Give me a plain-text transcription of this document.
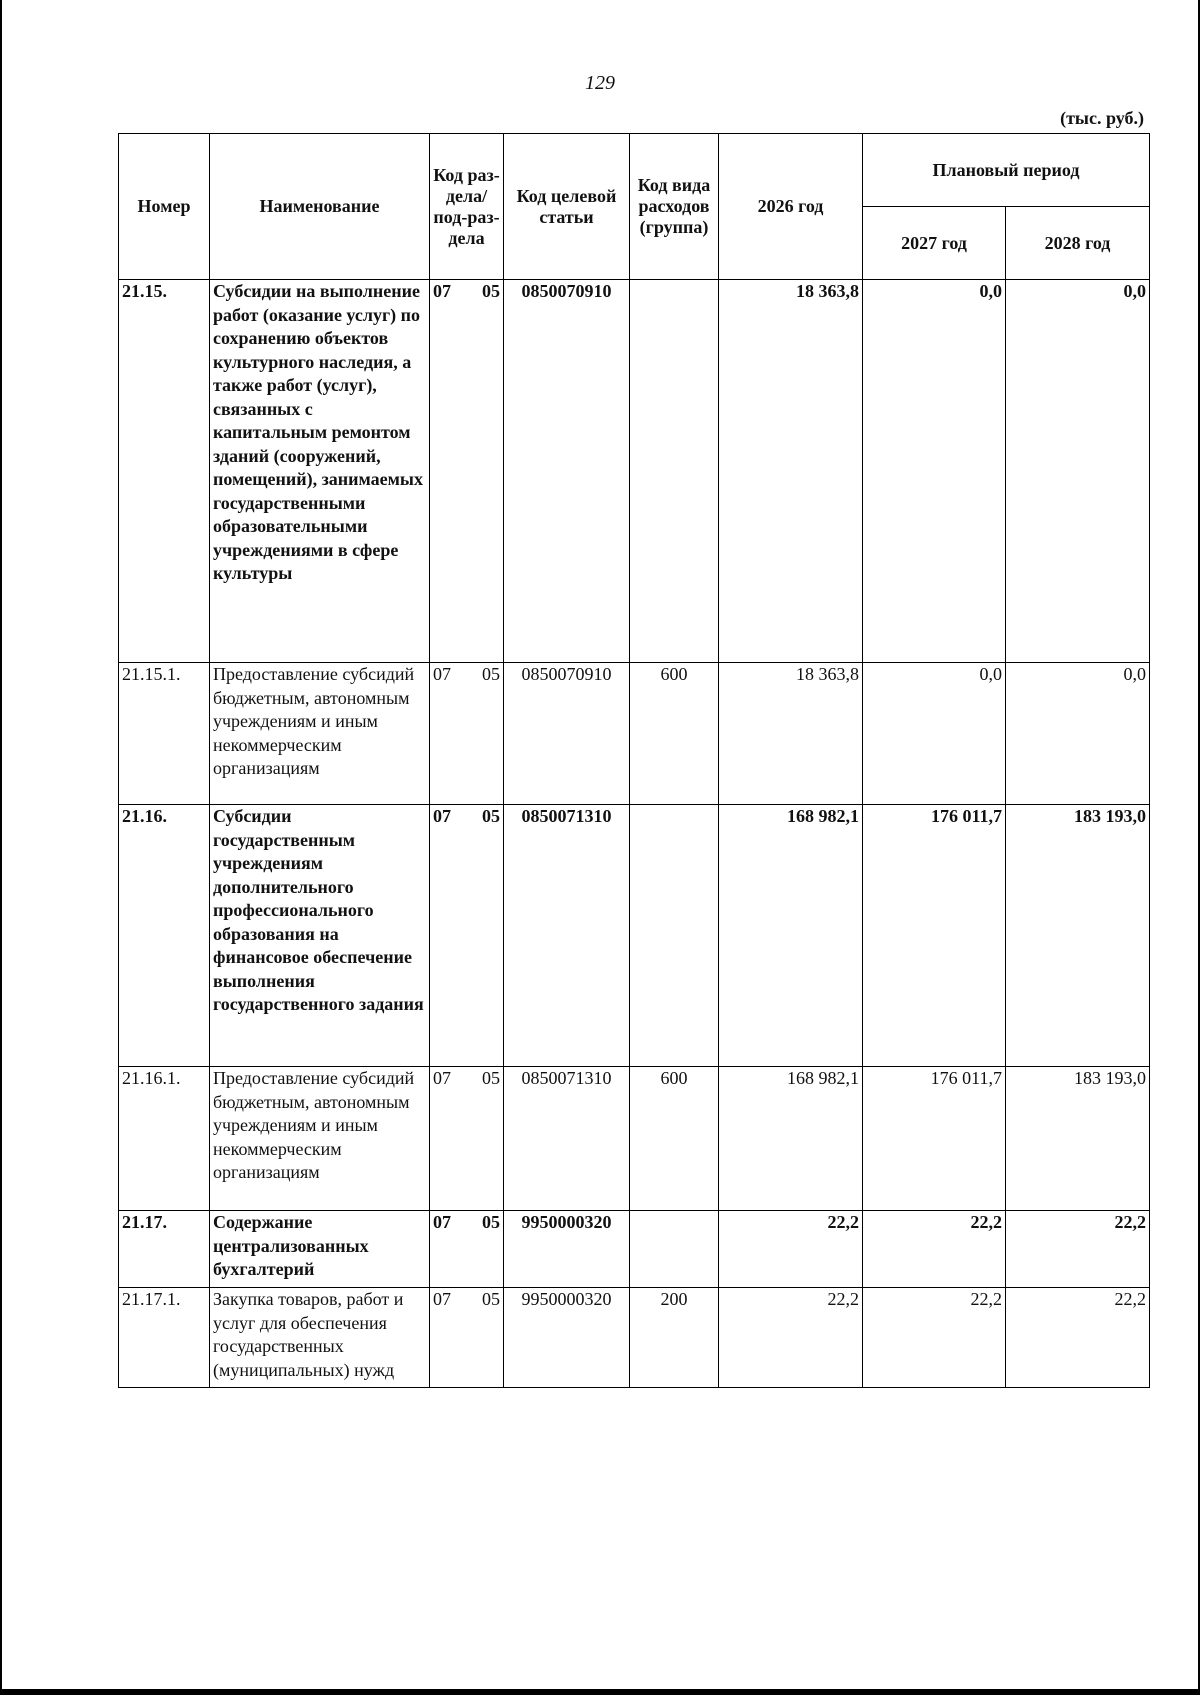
129
(тыс. руб.)
Номер	Наименование	Код раз-дела/ под-раз-дела	Код целевой статьи	Код вида расходов (группа)	2026 год	Плановый период	
						2027 год	2028 год
21.15.	Субсидии на выполнение работ (оказание услуг) по сохранению объектов культурного наследия, а также работ (услуг), связанных с капитальным ремонтом зданий (сооружений, помещений), занимаемых государственными образовательными учреждениями в сфере культуры	07 05	0850070910		18 363,8	0,0	0,0
21.15.1.	Предоставление субсидий бюджетным, автономным учреждениям и иным некоммерческим организациям	07 05	0850070910	600	18 363,8	0,0	0,0
21.16.	Субсидии государственным учреждениям дополнительного профессионального образования на финансовое обеспечение выполнения государственного задания	07 05	0850071310		168 982,1	176 011,7	183 193,0
21.16.1.	Предоставление субсидий бюджетным, автономным учреждениям и иным некоммерческим организациям	07 05	0850071310	600	168 982,1	176 011,7	183 193,0
21.17.	Содержание централизованных бухгалтерий	07 05	9950000320		22,2	22,2	22,2
21.17.1.	Закупка товаров, работ и услуг для обеспечения государственных (муниципальных) нужд	07 05	9950000320	200	22,2	22,2	22,2
